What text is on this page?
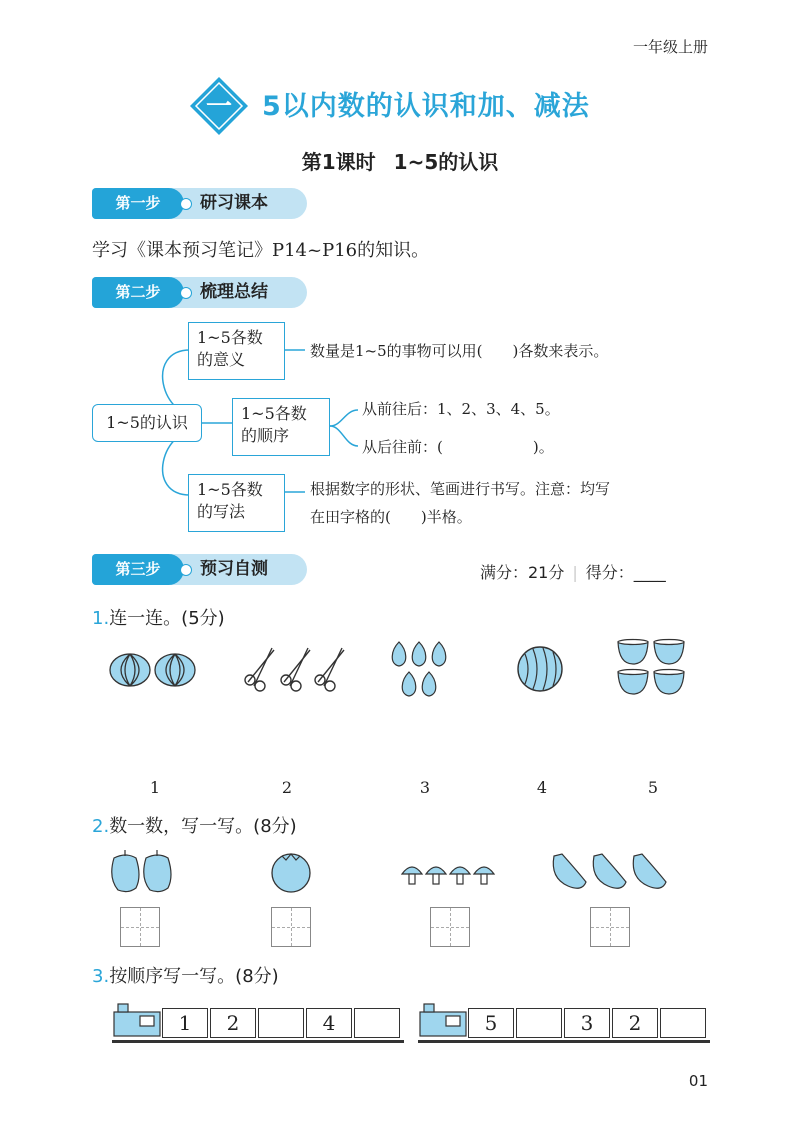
一年级上册
一 5以内数的认识和加、减法
第1课时 1~5的认识
第一步	研习课本
学习《课本预习笔记》P14~P16的知识。
第二步	梳理总结
1~5的认识
1~5各数
的意义	数量是1~5的事物可以用(　　)各数来表示。
1~5各数
的顺序
从前往后：1、2、3、4、5。
从后往前：(　　　　　　)。
1~5各数
的写法
根据数字的形状、笔画进行书写。注意：均写
在田字格的(　　)半格。
第三步	预习自测	满分：21分 | 得分：____
1.连一连。(5分)
1	2	3	4	5
2.数一数，写一写。(8分)
3.按顺序写一写。(8分)
1	2	4	5	3	2
01
